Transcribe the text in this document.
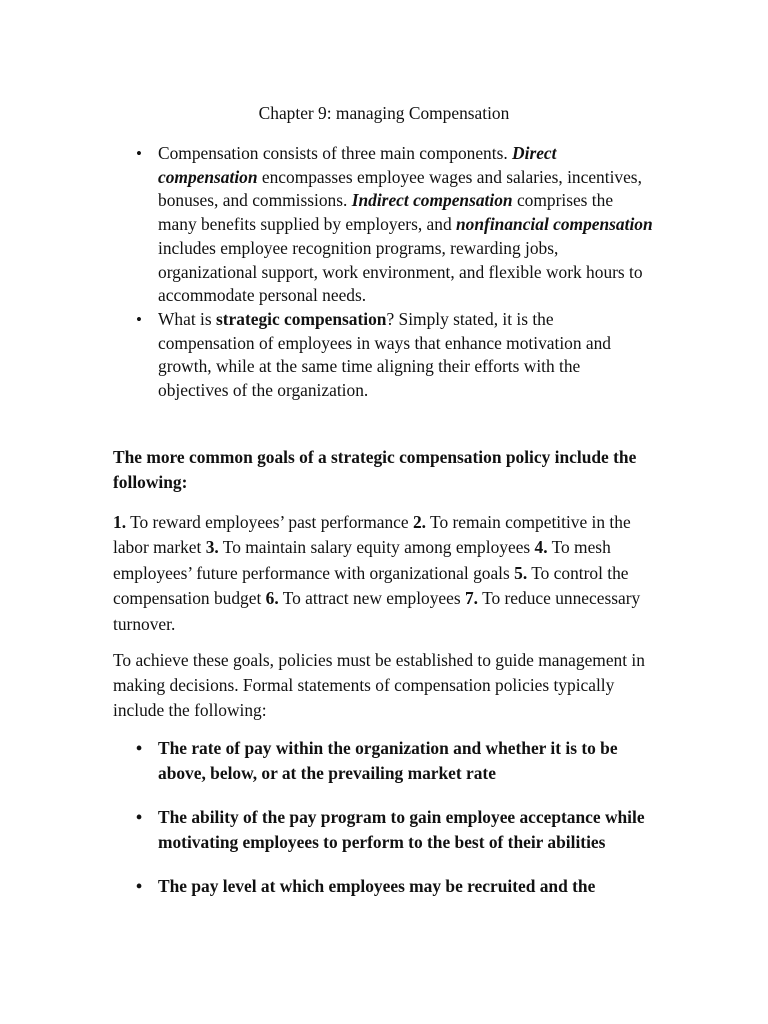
Chapter 9: managing Compensation
• Compensation consists of three main components. Direct compensation encompasses employee wages and salaries, incentives, bonuses, and commissions. Indirect compensation comprises the many benefits supplied by employers, and nonfinancial compensation includes employee recognition programs, rewarding jobs, organizational support, work environment, and flexible work hours to accommodate personal needs.
• What is strategic compensation? Simply stated, it is the compensation of employees in ways that enhance motivation and growth, while at the same time aligning their efforts with the objectives of the organization.

The more common goals of a strategic compensation policy include the following:

1. To reward employees’ past performance 2. To remain competitive in the labor market 3. To maintain salary equity among employees 4. To mesh employees’ future performance with organizational goals 5. To control the compensation budget 6. To attract new employees 7. To reduce unnecessary turnover.

To achieve these goals, policies must be established to guide management in making decisions. Formal statements of compensation policies typically include the following:

• The rate of pay within the organization and whether it is to be above, below, or at the prevailing market rate
• The ability of the pay program to gain employee acceptance while motivating employees to perform to the best of their abilities
• The pay level at which employees may be recruited and the
